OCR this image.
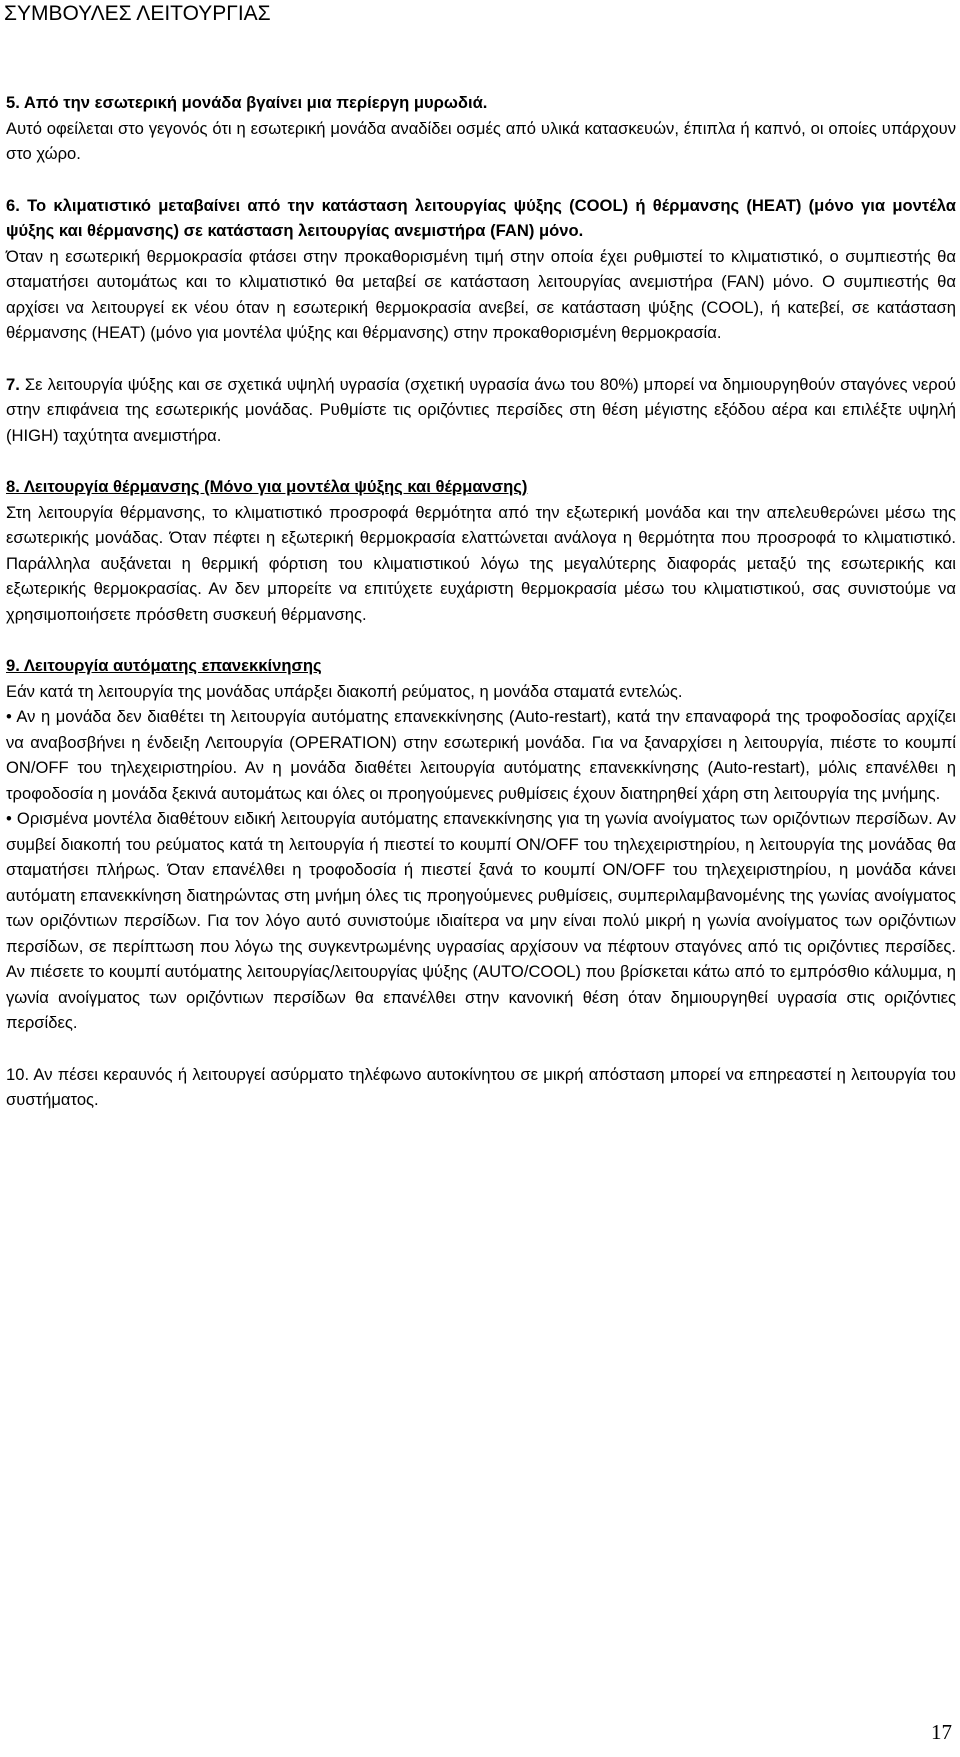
ΣΥΜΒΟΥΛΕΣ ΛΕΙΤΟΥΡΓΙΑΣ

5. Από την εσωτερική μονάδα βγαίνει μια περίεργη μυρωδιά.

Αυτό οφείλεται στο γεγονός ότι η εσωτερική μονάδα αναδίδει οσμές από υλικά κατασκευών, έπιπλα ή καπνό, οι οποίες υπάρχουν στο χώρο.

6. Το κλιματιστικό μεταβαίνει από την κατάσταση λειτουργίας ψύξης (COOL) ή θέρμανσης (HEAT) (μόνο για μοντέλα ψύξης και θέρμανσης) σε κατάσταση λειτουργίας ανεμιστήρα (FAN) μόνο.

Όταν η εσωτερική θερμοκρασία φτάσει στην προκαθορισμένη τιμή στην οποία έχει ρυθμιστεί το κλιματιστικό, ο συμπιεστής θα σταματήσει αυτομάτως και το κλιματιστικό θα μεταβεί σε κατάσταση λειτουργίας ανεμιστήρα (FAN) μόνο. Ο συμπιεστής θα αρχίσει να λειτουργεί εκ νέου όταν η εσωτερική θερμοκρασία ανεβεί, σε κατάσταση ψύξης (COOL), ή κατεβεί, σε κατάσταση θέρμανσης (HEAT) (μόνο για μοντέλα ψύξης και θέρμανσης) στην προκαθορισμένη θερμοκρασία.

7. Σε λειτουργία ψύξης και σε σχετικά υψηλή υγρασία (σχετική υγρασία άνω του 80%) μπορεί να δημιουργηθούν σταγόνες νερού στην επιφάνεια της εσωτερικής μονάδας. Ρυθμίστε τις οριζόντιες περσίδες στη θέση μέγιστης εξόδου αέρα και επιλέξτε υψηλή (HIGH) ταχύτητα ανεμιστήρα.

8. Λειτουργία θέρμανσης (Μόνο για μοντέλα ψύξης και θέρμανσης)

Στη λειτουργία θέρμανσης, το κλιματιστικό προσροφά θερμότητα από την εξωτερική μονάδα και την απελευθερώνει μέσω της εσωτερικής μονάδας. Όταν πέφτει η εξωτερική θερμοκρασία ελαττώνεται ανάλογα η θερμότητα που προσροφά το κλιματιστικό. Παράλληλα αυξάνεται η θερμική φόρτιση του κλιματιστικού λόγω της μεγαλύτερης διαφοράς μεταξύ της εσωτερικής και εξωτερικής θερμοκρασίας. Αν δεν μπορείτε να επιτύχετε ευχάριστη θερμοκρασία μέσω του κλιματιστικού, σας συνιστούμε να χρησιμοποιήσετε πρόσθετη συσκευή θέρμανσης.

9. Λειτουργία αυτόματης επανεκκίνησης

Εάν κατά τη λειτουργία της μονάδας υπάρξει διακοπή ρεύματος, η μονάδα σταματά εντελώς.

• Αν η μονάδα δεν διαθέτει τη λειτουργία αυτόματης επανεκκίνησης (Auto-restart), κατά την επαναφορά της τροφοδοσίας αρχίζει να αναβοσβήνει η ένδειξη Λειτουργία (OPERATION) στην εσωτερική μονάδα. Για να ξαναρχίσει η λειτουργία, πιέστε το κουμπί ON/OFF του τηλεχειριστηρίου. Αν η μονάδα διαθέτει λειτουργία αυτόματης επανεκκίνησης (Auto-restart), μόλις επανέλθει η τροφοδοσία η μονάδα ξεκινά αυτομάτως και όλες οι προηγούμενες ρυθμίσεις έχουν διατηρηθεί χάρη στη λειτουργία της μνήμης.

• Ορισμένα μοντέλα διαθέτουν ειδική λειτουργία αυτόματης επανεκκίνησης για τη γωνία ανοίγματος των οριζόντιων περσίδων. Αν συμβεί διακοπή του ρεύματος κατά τη λειτουργία ή πιεστεί το κουμπί ON/OFF του τηλεχειριστηρίου, η λειτουργία της μονάδας θα σταματήσει πλήρως. Όταν επανέλθει η τροφοδοσία ή πιεστεί ξανά το κουμπί ON/OFF του τηλεχειριστηρίου, η μονάδα κάνει αυτόματη επανεκκίνηση διατηρώντας στη μνήμη όλες τις προηγούμενες ρυθμίσεις, συμπεριλαμβανομένης της γωνίας ανοίγματος των οριζόντιων περσίδων. Για τον λόγο αυτό συνιστούμε ιδιαίτερα να μην είναι πολύ μικρή η γωνία ανοίγματος των οριζόντιων περσίδων, σε περίπτωση που λόγω της συγκεντρωμένης υγρασίας αρχίσουν να πέφτουν σταγόνες από τις οριζόντιες περσίδες. Αν πιέσετε το κουμπί αυτόματης λειτουργίας/λειτουργίας ψύξης (AUTO/COOL) που βρίσκεται κάτω από το εμπρόσθιο κάλυμμα, η γωνία ανοίγματος των οριζόντιων περσίδων θα επανέλθει στην κανονική θέση όταν δημιουργηθεί υγρασία στις οριζόντιες περσίδες.

10. Αν πέσει κεραυνός ή λειτουργεί ασύρματο τηλέφωνο αυτοκίνητου σε μικρή απόσταση μπορεί να επηρεαστεί η λειτουργία του συστήματος.

17
